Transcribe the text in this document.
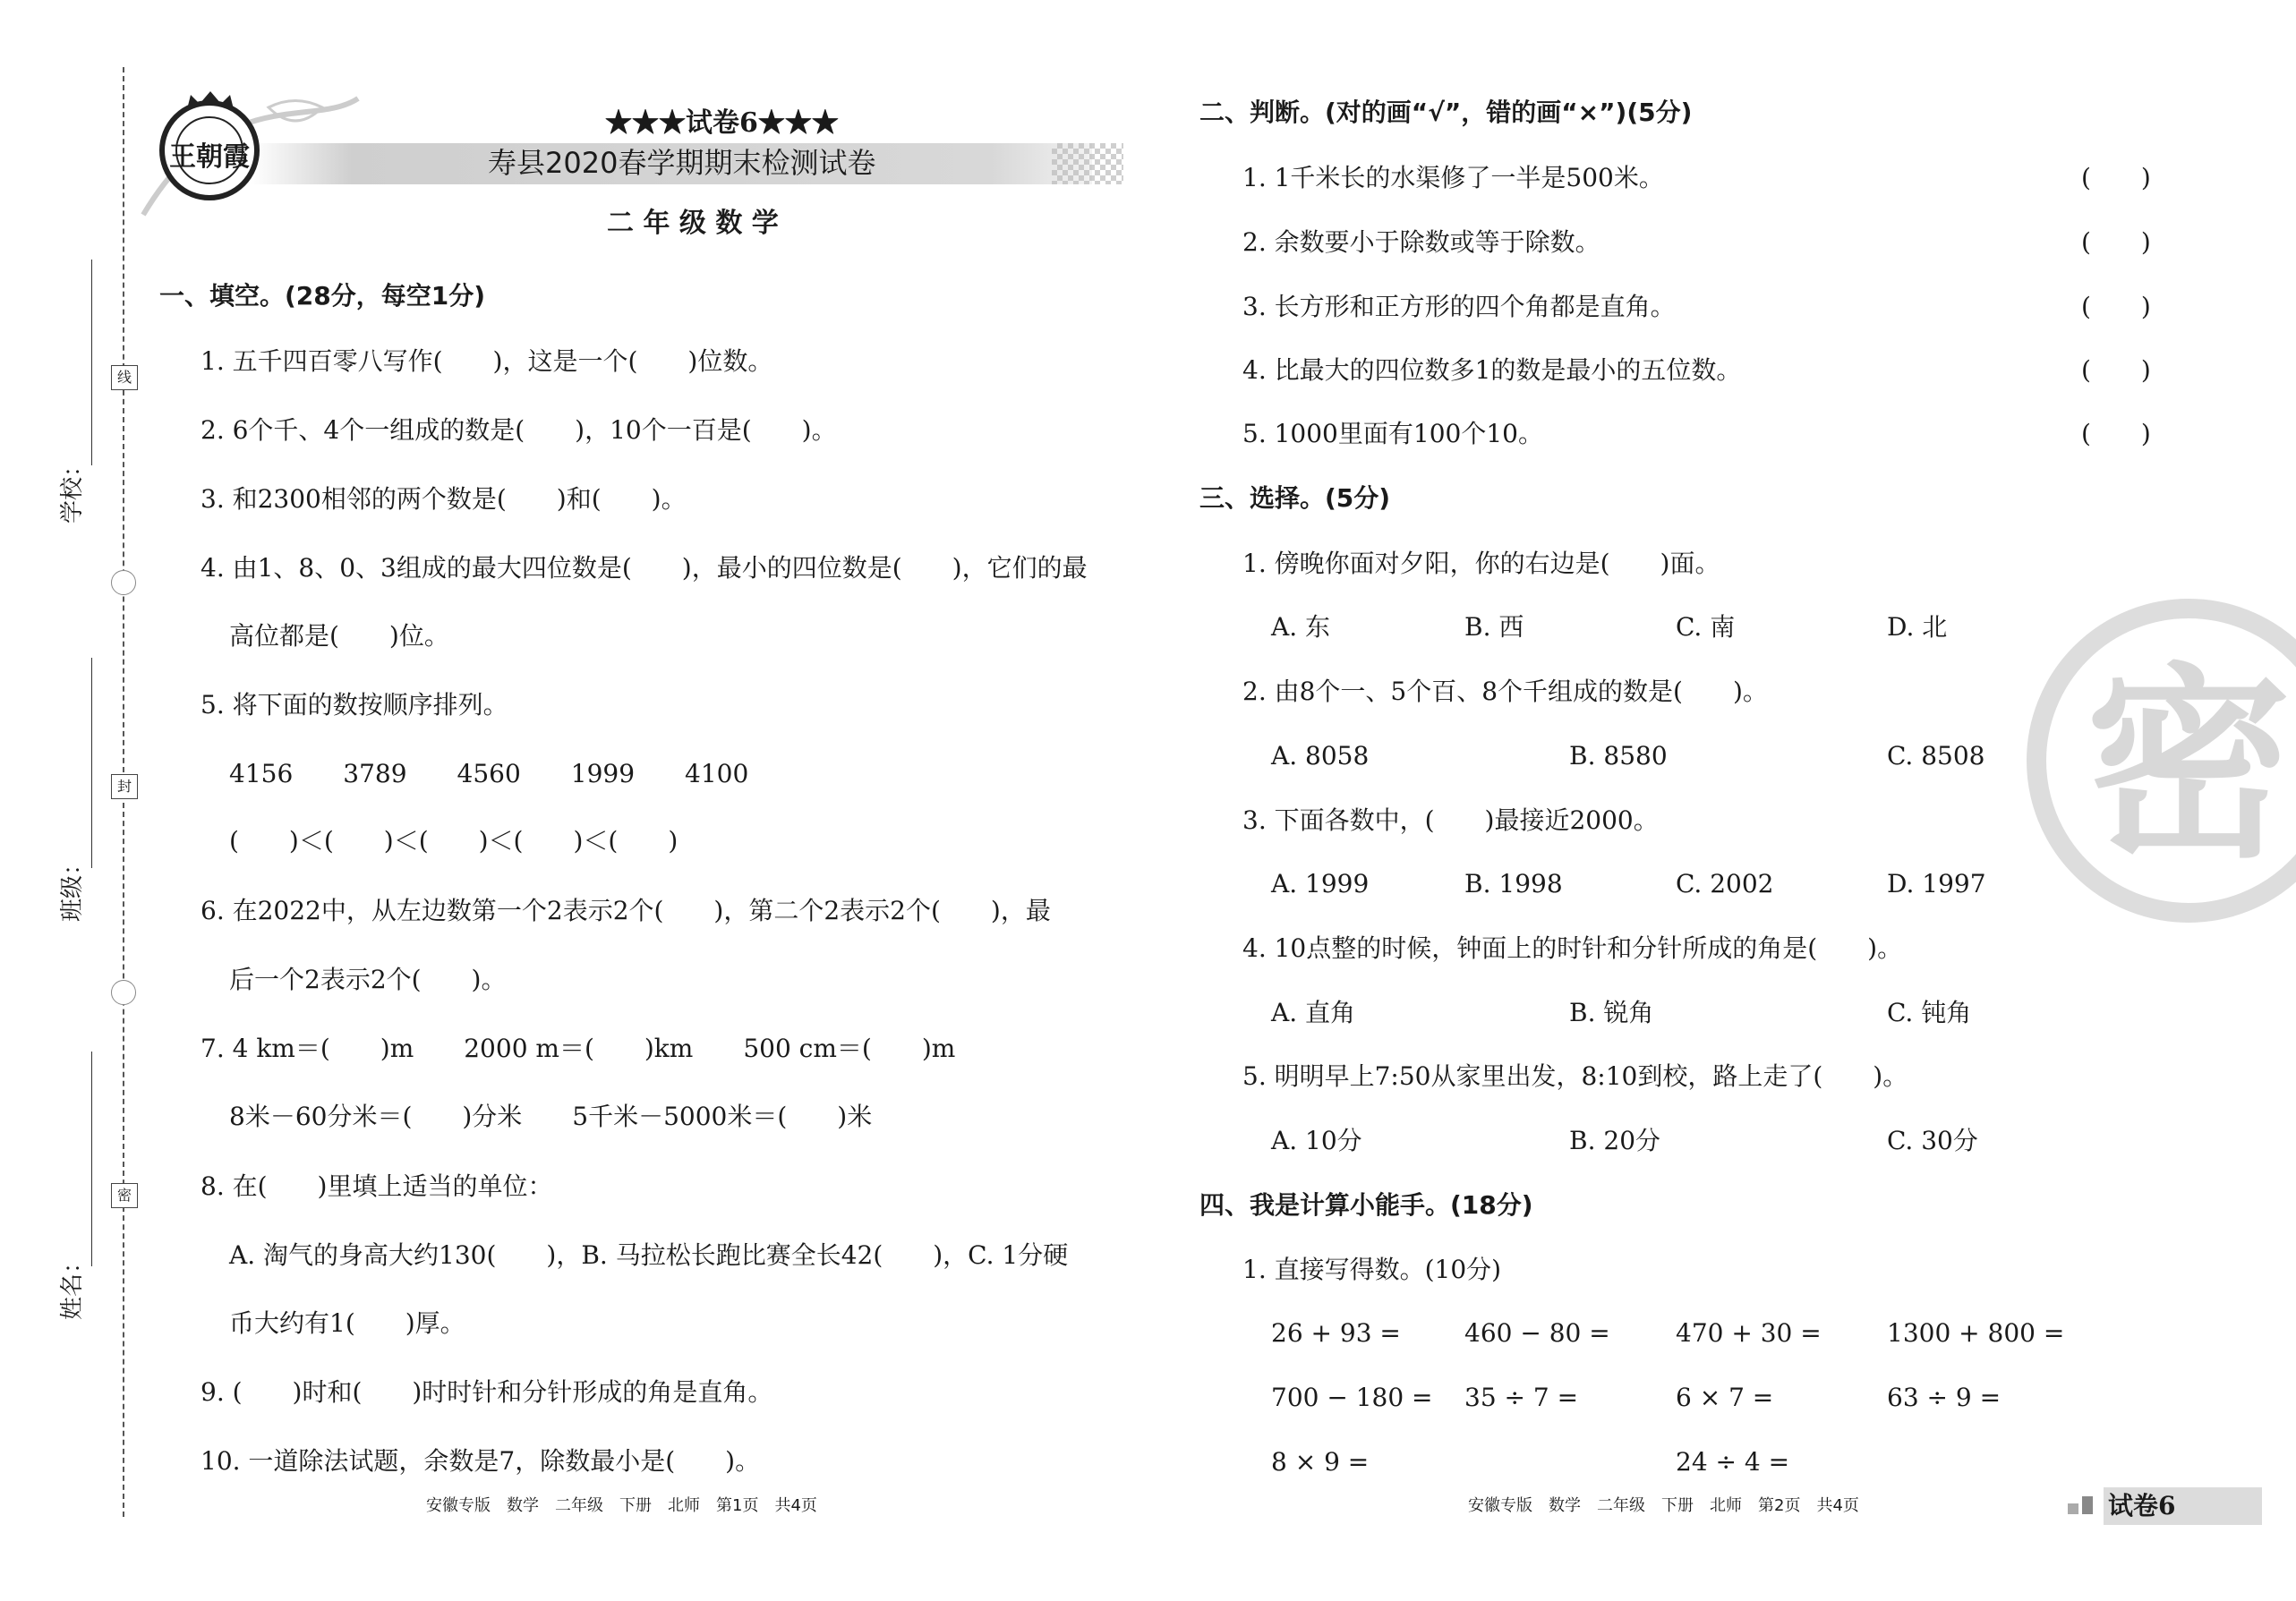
线
封
密
学校：
班级：
姓名：
王朝霞
★★★试卷6★★★
寿县2020春学期期末检测试卷
二 年 级 数 学
一、填空。(28分，每空1分)
1. 五千四百零八写作(　　)，这是一个(　　)位数。
2. 6个千、4个一组成的数是(　　)，10个一百是(　　)。
3. 和2300相邻的两个数是(　　)和(　　)。
4. 由1、8、0、3组成的最大四位数是(　　)，最小的四位数是(　　)，它们的最
高位都是(　　)位。
5. 将下面的数按顺序排列。
4156　　3789　　4560　　1999　　4100
(　　)＜(　　)＜(　　)＜(　　)＜(　　)
6. 在2022中，从左边数第一个2表示2个(　　)，第二个2表示2个(　　)，最
后一个2表示2个(　　)。
7. 4 km＝(　　)m　　2000 m＝(　　)km　　500 cm＝(　　)m
8米－60分米＝(　　)分米　　5千米－5000米＝(　　)米
8. 在(　　)里填上适当的单位：
A. 淘气的身高大约130(　　)，B. 马拉松长跑比赛全长42(　　)，C. 1分硬
币大约有1(　　)厚。
9. (　　)时和(　　)时时针和分针形成的角是直角。
10. 一道除法试题，余数是7，除数最小是(　　)。
安徽专版　数学　二年级　下册　北师　第1页　共4页
二、判断。(对的画“√”，错的画“×”)(5分)
1. 1千米长的水渠修了一半是500米。	(　　)
2. 余数要小于除数或等于除数。	(　　)
3. 长方形和正方形的四个角都是直角。	(　　)
4. 比最大的四位数多1的数是最小的五位数。	(　　)
5. 1000里面有100个10。	(　　)
三、选择。(5分)
1. 傍晚你面对夕阳，你的右边是(　　)面。
A. 东	B. 西	C. 南	D. 北
2. 由8个一、5个百、8个千组成的数是(　　)。
A. 8058	B. 8580	C. 8508
3. 下面各数中，(　　)最接近2000。
A. 1999	B. 1998	C. 2002	D. 1997
4. 10点整的时候，钟面上的时针和分针所成的角是(　　)。
A. 直角	B. 锐角	C. 钝角
5. 明明早上7:50从家里出发，8:10到校，路上走了(　　)。
A. 10分	B. 20分	C. 30分
四、我是计算小能手。(18分)
1. 直接写得数。(10分)
26 + 93 =	460 − 80 =	470 + 30 =	1300 + 800 =
700 − 180 = 35 ÷ 7 =	6 × 7 =	63 ÷ 9 =
8 × 9 =	24 ÷ 4 =
安徽专版　数学　二年级　下册　北师　第2页　共4页	试卷6
密
